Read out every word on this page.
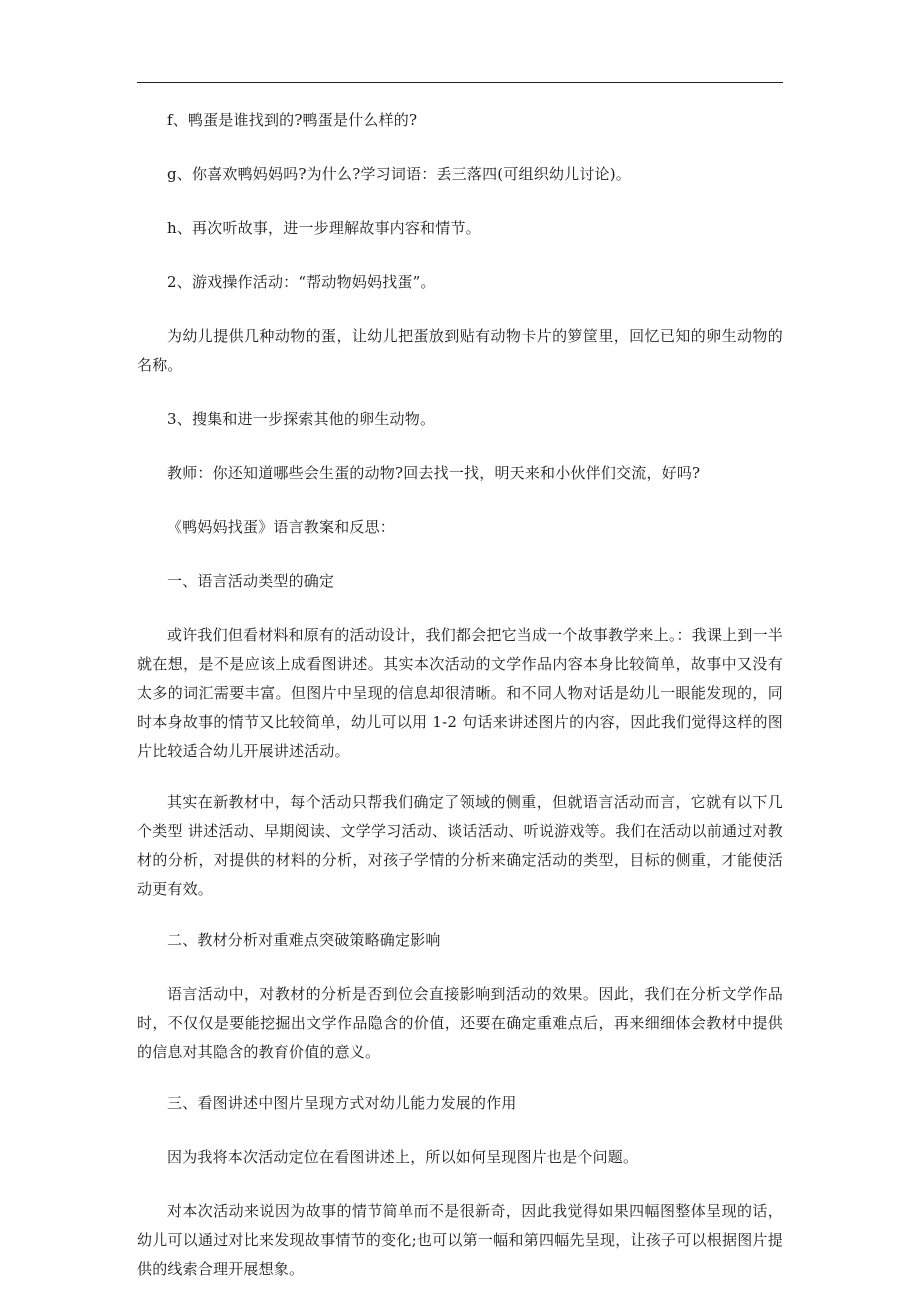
f、鸭蛋是谁找到的?鸭蛋是什么样的?

g、你喜欢鸭妈妈吗?为什么?学习词语：丢三落四(可组织幼儿讨论)。

h、再次听故事，进一步理解故事内容和情节。

2、游戏操作活动：“帮动物妈妈找蛋”。

为幼儿提供几种动物的蛋，让幼儿把蛋放到贴有动物卡片的箩筐里，回忆已知的卵生动物的名称。

3、搜集和进一步探索其他的卵生动物。

教师：你还知道哪些会生蛋的动物?回去找一找，明天来和小伙伴们交流，好吗?

《鸭妈妈找蛋》语言教案和反思：

一、语言活动类型的确定

或许我们但看材料和原有的活动设计，我们都会把它当成一个故事教学来上。：我课上到一半就在想，是不是应该上成看图讲述。其实本次活动的文学作品内容本身比较简单，故事中又没有太多的词汇需要丰富。但图片中呈现的信息却很清晰。和不同人物对话是幼儿一眼能发现的，同时本身故事的情节又比较简单，幼儿可以用 1-2 句话来讲述图片的内容，因此我们觉得这样的图片比较适合幼儿开展讲述活动。

其实在新教材中，每个活动只帮我们确定了领域的侧重，但就语言活动而言，它就有以下几个类型 讲述活动、早期阅读、文学学习活动、谈话活动、听说游戏等。我们在活动以前通过对教材的分析，对提供的材料的分析，对孩子学情的分析来确定活动的类型，目标的侧重，才能使活动更有效。

二、教材分析对重难点突破策略确定影响

语言活动中，对教材的分析是否到位会直接影响到活动的效果。因此，我们在分析文学作品时，不仅仅是要能挖掘出文学作品隐含的价值，还要在确定重难点后，再来细细体会教材中提供的信息对其隐含的教育价值的意义。

三、看图讲述中图片呈现方式对幼儿能力发展的作用

因为我将本次活动定位在看图讲述上，所以如何呈现图片也是个问题。

对本次活动来说因为故事的情节简单而不是很新奇，因此我觉得如果四幅图整体呈现的话，幼儿可以通过对比来发现故事情节的变化;也可以第一幅和第四幅先呈现，让孩子可以根据图片提供的线索合理开展想象。
